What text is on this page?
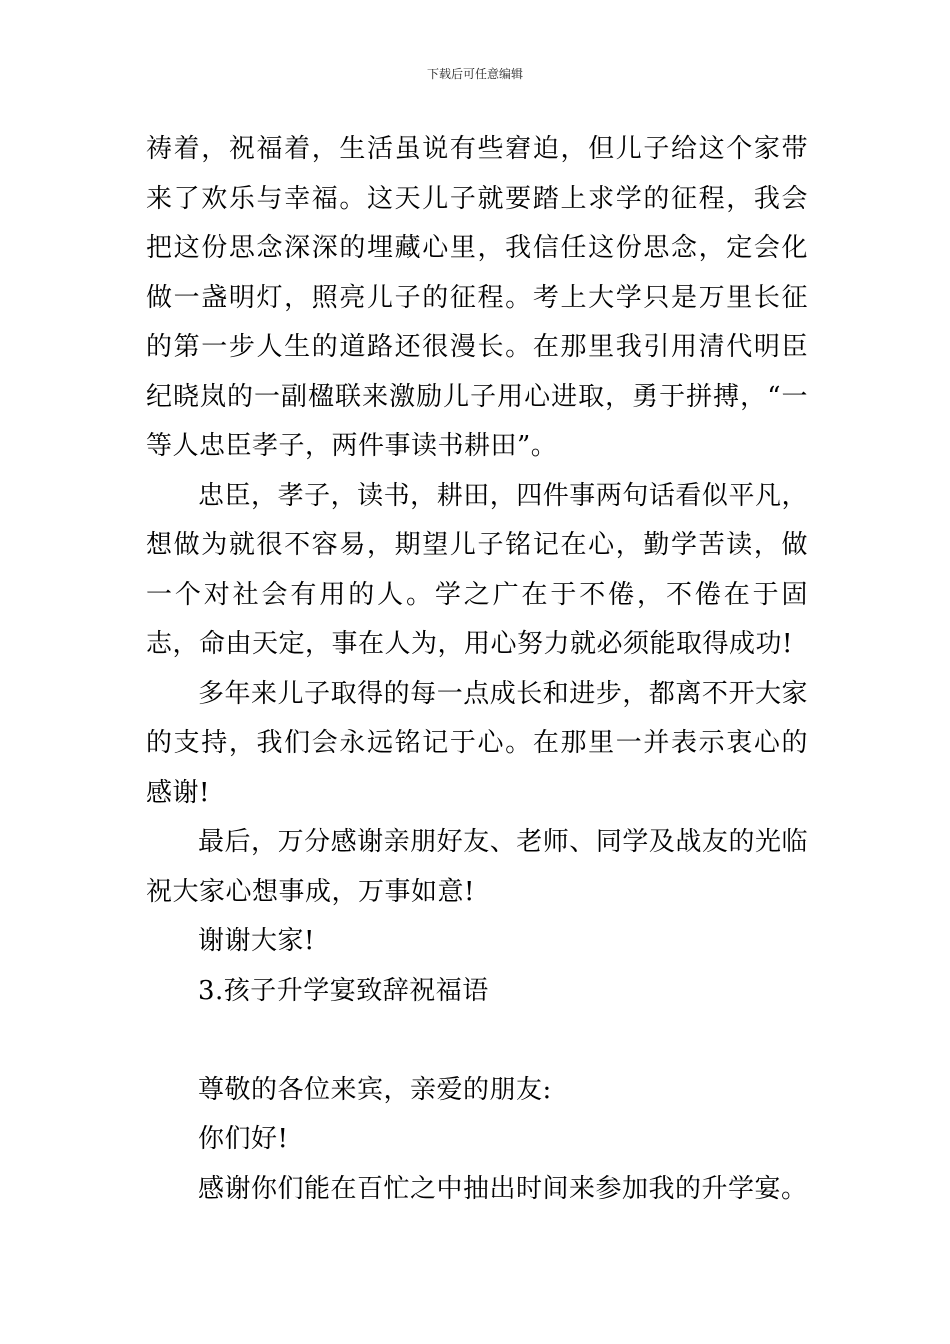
下载后可任意编辑

祷着，祝福着，生活虽说有些窘迫，但儿子给这个家带来了欢乐与幸福。这天儿子就要踏上求学的征程，我会把这份思念深深的埋藏心里，我信任这份思念，定会化做一盏明灯，照亮儿子的征程。考上大学只是万里长征的第一步人生的道路还很漫长。在那里我引用清代明臣纪晓岚的一副楹联来激励儿子用心进取，勇于拼搏，“一等人忠臣孝子，两件事读书耕田”。

忠臣，孝子，读书，耕田，四件事两句话看似平凡，想做为就很不容易，期望儿子铭记在心，勤学苦读，做一个对社会有用的人。学之广在于不倦，不倦在于固志，命由天定，事在人为，用心努力就必须能取得成功!

多年来儿子取得的每一点成长和进步，都离不开大家的支持，我们会永远铭记于心。在那里一并表示衷心的感谢!

最后，万分感谢亲朋好友、老师、同学及战友的光临祝大家心想事成，万事如意!

谢谢大家!

3.孩子升学宴致辞祝福语

尊敬的各位来宾，亲爱的朋友:

你们好!

感谢你们能在百忙之中抽出时间来参加我的升学宴。
